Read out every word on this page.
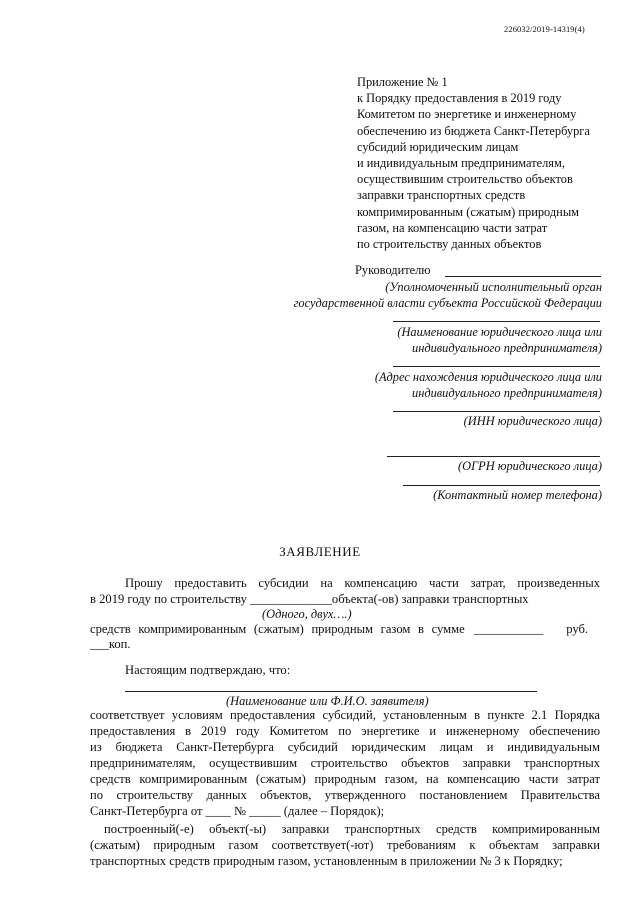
226032/2019-14319(4)
Приложение № 1
к Порядку предоставления в 2019 году
Комитетом по энергетике и инженерному
обеспечению из бюджета Санкт-Петербурга
субсидий юридическим лицам
и индивидуальным предпринимателям,
осуществившим строительство объектов
заправки транспортных средств
компримированным (сжатым) природным
газом, на компенсацию части затрат
по строительству данных объектов
Руководителю
(Уполномоченный исполнительный орган
государственной власти субъекта Российской Федерации
(Наименование юридического лица или
индивидуального предпринимателя)
(Адрес нахождения юридического лица или
индивидуального предпринимателя)
(ИНН юридического лица)
(ОГРН юридического лица)
(Контактный номер телефона)
ЗАЯВЛЕНИЕ
Прошу предоставить субсидии на компенсацию части затрат, произведенных
в 2019 году по строительству _____________объекта(-ов) заправки транспортных
(Одного, двух….)
средств компримированным (сжатым) природным газом в сумме ___________ руб.
___коп.
Настоящим подтверждаю, что:
(Наименование или Ф.И.О. заявителя)
соответствует условиям предоставления субсидий, установленным в пункте 2.1 Порядка
предоставления в 2019 году Комитетом по энергетике и инженерному обеспечению
из бюджета Санкт-Петербурга субсидий юридическим лицам и индивидуальным
предпринимателям, осуществившим строительство объектов заправки транспортных
средств компримированным (сжатым) природным газом, на компенсацию части затрат
по строительству данных объектов, утвержденного постановлением Правительства
Санкт-Петербурга от ____ № _____ (далее – Порядок);
построенный(-е) объект(-ы) заправки транспортных средств компримированным
(сжатым) природным газом соответствует(-ют) требованиям к объектам заправки
транспортных средств природным газом, установленным в приложении № 3 к Порядку;
